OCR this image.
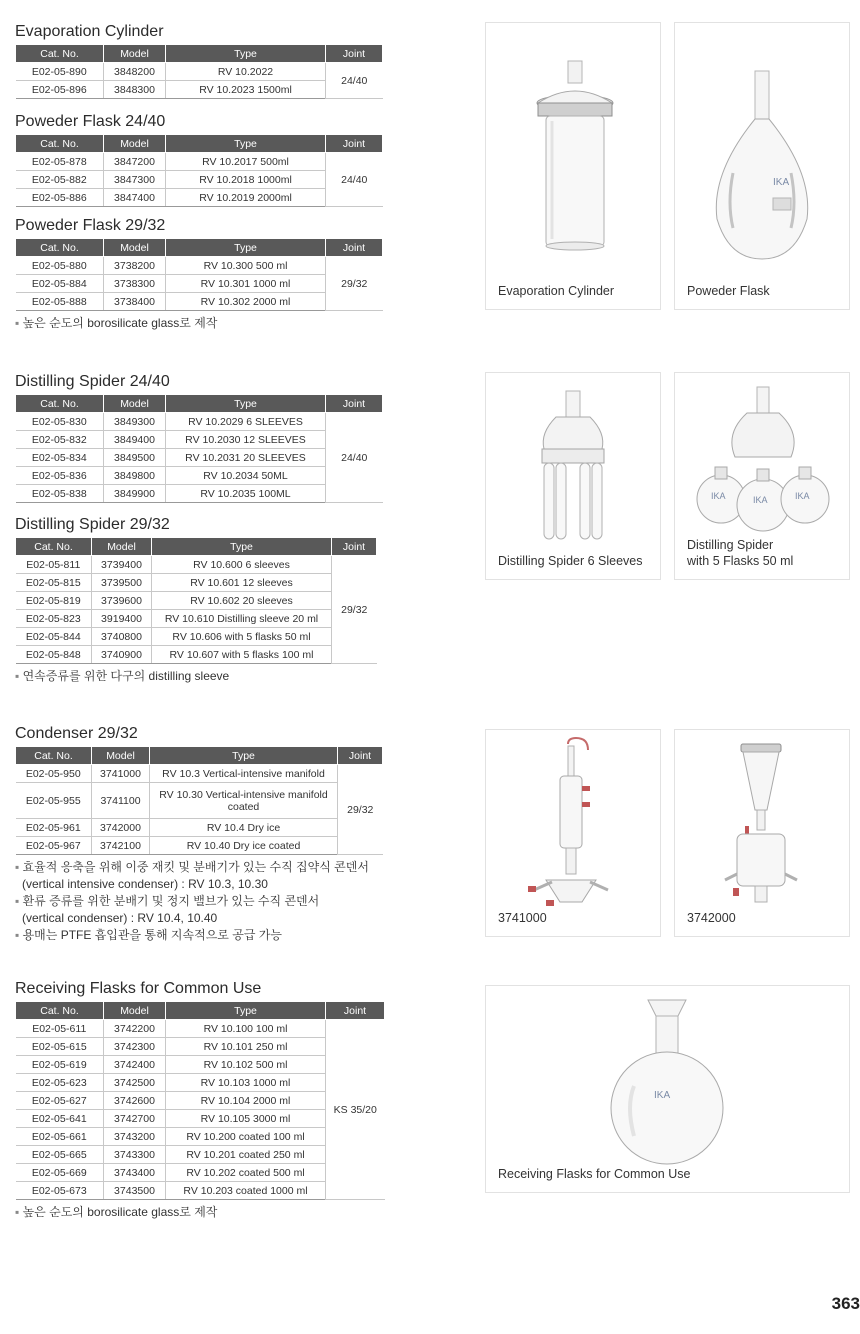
Evaporation Cylinder
Cat. No.	Model	Type	Joint
E02-05-890	3848200	RV 10.2022	24/40
E02-05-896	3848300	RV 10.2023 1500ml	
Poweder Flask 24/40
Cat. No.	Model	Type	Joint
E02-05-878	3847200	RV 10.2017 500ml	24/40
E02-05-882	3847300	RV 10.2018 1000ml	
E02-05-886	3847400	RV 10.2019 2000ml	
Poweder Flask 29/32
Cat. No.	Model	Type	Joint
E02-05-880	3738200	RV 10.300 500 ml	29/32
E02-05-884	3738300	RV 10.301 1000 ml	
E02-05-888	3738400	RV 10.302 2000 ml	
▪ 높은 순도의 borosilicate glass로 제작
Distilling Spider 24/40
Cat. No.	Model	Type	Joint
E02-05-830	3849300	RV 10.2029 6 SLEEVES	24/40
E02-05-832	3849400	RV 10.2030 12 SLEEVES	
E02-05-834	3849500	RV 10.2031 20 SLEEVES	
E02-05-836	3849800	RV 10.2034 50ML	
E02-05-838	3849900	RV 10.2035 100ML	
Distilling Spider 29/32
Cat. No.	Model	Type	Joint
E02-05-811	3739400	RV 10.600 6 sleeves	29/32
E02-05-815	3739500	RV 10.601 12 sleeves	
E02-05-819	3739600	RV 10.602 20 sleeves	
E02-05-823	3919400	RV 10.610 Distilling sleeve 20 ml	
E02-05-844	3740800	RV 10.606 with 5 flasks 50 ml	
E02-05-848	3740900	RV 10.607 with 5 flasks 100 ml	
▪ 연속증류를 위한 다구의 distilling sleeve
Condenser 29/32
Cat. No.	Model	Type	Joint
E02-05-950	3741000	RV 10.3 Vertical-intensive manifold	29/32
E02-05-955	3741100	RV 10.30 Vertical-intensive manifold coated	
E02-05-961	3742000	RV 10.4 Dry ice	
E02-05-967	3742100	RV 10.40 Dry ice coated	
▪ 효율적 응축을 위해 이중 재킷 및 분배기가 있는 수직 집약식 콘덴서
(vertical intensive condenser) : RV 10.3, 10.30
▪ 환류 증류를 위한 분배기 및 정지 밸브가 있는 수직 콘덴서
(vertical condenser) : RV 10.4, 10.40
▪ 용매는 PTFE 흡입관을 통해 지속적으로 공급 가능
Receiving Flasks for Common Use
Cat. No.	Model	Type	Joint
E02-05-611	3742200	RV 10.100 100 ml	KS 35/20
E02-05-615	3742300	RV 10.101 250 ml	
E02-05-619	3742400	RV 10.102 500 ml	
E02-05-623	3742500	RV 10.103 1000 ml	
E02-05-627	3742600	RV 10.104 2000 ml	
E02-05-641	3742700	RV 10.105 3000 ml	
E02-05-661	3743200	RV 10.200 coated 100 ml	
E02-05-665	3743300	RV 10.201 coated 250 ml	
E02-05-669	3743400	RV 10.202 coated 500 ml	
E02-05-673	3743500	RV 10.203 coated 1000 ml	
▪ 높은 순도의 borosilicate glass로 제작
Evaporation Cylinder
IKA
Poweder Flask
Distilling Spider 6 Sleeves
IKA	IKA	IKA
Distilling Spider
with 5 Flasks 50 ml
3741000	3742000
IKA
Receiving Flasks for Common Use
363
